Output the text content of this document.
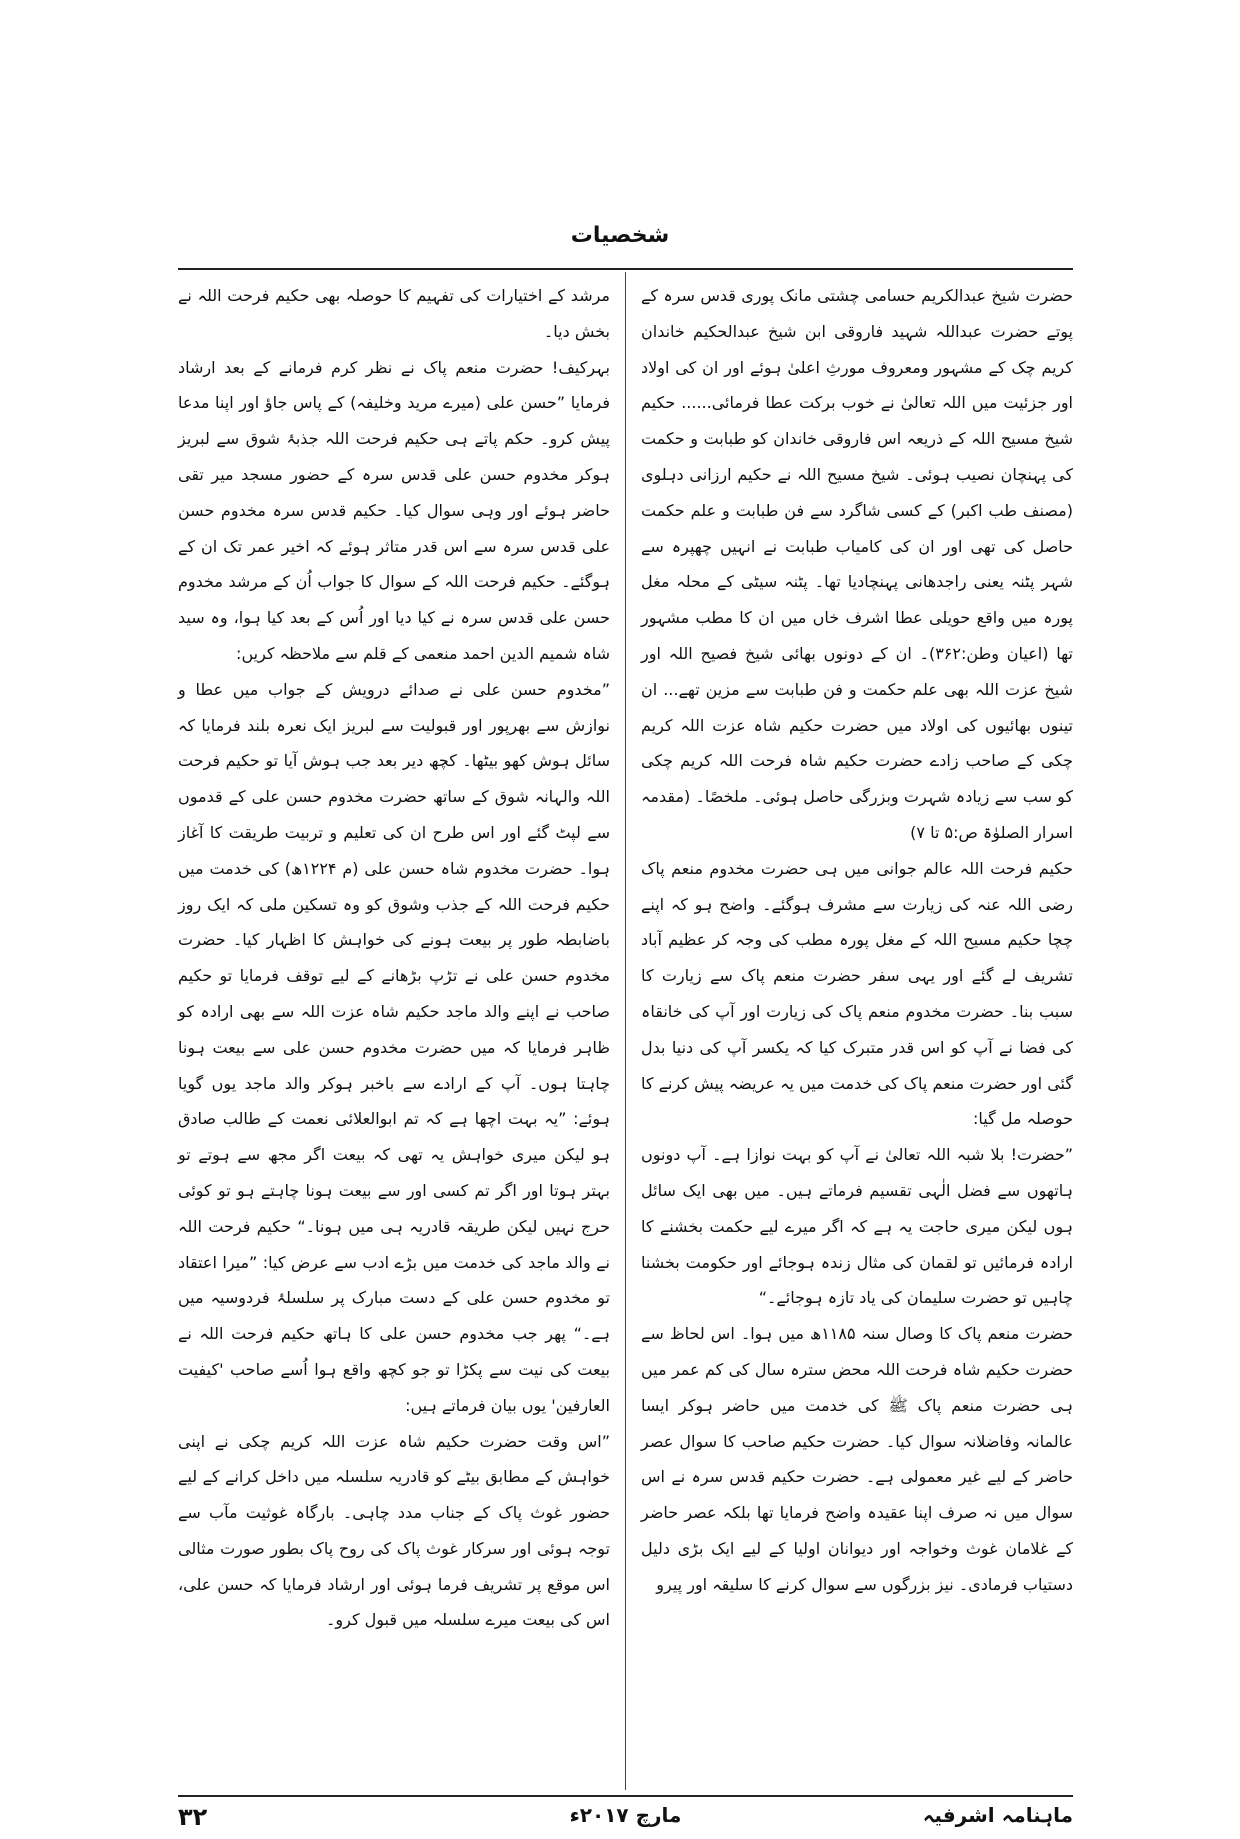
شخصیات

حضرت شیخ عبدالکریم حسامی چشتی مانک پوری قدس سرہ کے پوتے حضرت عبداللہ شہید فاروقی ابن شیخ عبدالحکیم خاندان کریم چک کے مشہور ومعروف مورثِ اعلیٰ ہوئے اور ان کی اولاد اور جزئیت میں اللہ تعالیٰ نے خوب برکت عطا فرمائی...... حکیم شیخ مسیح اللہ کے ذریعہ اس فاروقی خاندان کو طبابت و حکمت کی پہنچان نصیب ہوئی۔ شیخ مسیح اللہ نے حکیم ارزانی دہلوی (مصنف طب اکبر) کے کسی شاگرد سے فن طبابت و علم حکمت حاصل کی تھی اور ان کی کامیاب طبابت نے انہیں چھپرہ سے شہر پٹنہ یعنی راجدھانی پہنچادیا تھا۔ پٹنہ سیٹی کے محلہ مغل پورہ میں واقع حویلی عطا اشرف خاں میں ان کا مطب مشہور تھا (اعیان وطن:۳۶۲)۔ ان کے دونوں بھائی شیخ فصیح اللہ اور شیخ عزت اللہ بھی علم حکمت و فن طبابت سے مزین تھے... ان تینوں بھائیوں کی اولاد میں حضرت حکیم شاہ عزت اللہ کریم چکی کے صاحب زادے حضرت حکیم شاہ فرحت اللہ کریم چکی کو سب سے زیادہ شہرت وبزرگی حاصل ہوئی۔ ملخصًا۔ (مقدمہ اسرار الصلوٰۃ ص:۵ تا ۷)

حکیم فرحت اللہ عالم جوانی میں ہی حضرت مخدوم منعم پاک رضی اللہ عنہ کی زیارت سے مشرف ہوگئے۔ واضح ہو کہ اپنے چچا حکیم مسیح اللہ کے مغل پورہ مطب کی وجہ کر عظیم آباد تشریف لے گئے اور یہی سفر حضرت منعم پاک سے زیارت کا سبب بنا۔ حضرت مخدوم منعم پاک کی زیارت اور آپ کی خانقاہ کی فضا نے آپ کو اس قدر متبرک کیا کہ یکسر آپ کی دنیا بدل گئی اور حضرت منعم پاک کی خدمت میں یہ عریضہ پیش کرنے کا حوصلہ مل گیا:

”حضرت! بلا شبہ اللہ تعالیٰ نے آپ کو بہت نوازا ہے۔ آپ دونوں ہاتھوں سے فضل الٰہی تقسیم فرماتے ہیں۔ میں بھی ایک سائل ہوں لیکن میری حاجت یہ ہے کہ اگر میرے لیے حکمت بخشنے کا ارادہ فرمائیں تو لقمان کی مثال زندہ ہوجائے اور حکومت بخشنا چاہیں تو حضرت سلیمان کی یاد تازہ ہوجائے۔“

حضرت منعم پاک کا وصال سنہ ۱۱۸۵ھ میں ہوا۔ اس لحاظ سے حضرت حکیم شاہ فرحت اللہ محض سترہ سال کی کم عمر میں ہی حضرت منعم پاک ﷺ کی خدمت میں حاضر ہوکر ایسا عالمانہ وفاضلانہ سوال کیا۔ حضرت حکیم صاحب کا سوال عصر حاضر کے لیے غیر معمولی ہے۔ حضرت حکیم قدس سرہ نے اس سوال میں نہ صرف اپنا عقیدہ واضح فرمایا تھا بلکہ عصر حاضر کے غلامان غوث وخواجہ اور دیوانان اولیا کے لیے ایک بڑی دلیل دستیاب فرمادی۔ نیز بزرگوں سے سوال کرنے کا سلیقہ اور پیرو

مرشد کے اختیارات کی تفہیم کا حوصلہ بھی حکیم فرحت اللہ نے بخش دیا۔

بہرکیف! حضرت منعم پاک نے نظر کرم فرمانے کے بعد ارشاد فرمایا ”حسن علی (میرے مرید وخلیفہ) کے پاس جاؤ اور اپنا مدعا پیش کرو۔ حکم پاتے ہی حکیم فرحت اللہ جذبۂ شوق سے لبریز ہوکر مخدوم حسن علی قدس سرہ کے حضور مسجد میر تقی حاضر ہوئے اور وہی سوال کیا۔ حکیم قدس سرہ مخدوم حسن علی قدس سرہ سے اس قدر متاثر ہوئے کہ اخیر عمر تک ان کے ہوگئے۔ حکیم فرحت اللہ کے سوال کا جواب اُن کے مرشد مخدوم حسن علی قدس سرہ نے کیا دیا اور اُس کے بعد کیا ہوا، وہ سید شاہ شمیم الدین احمد منعمی کے قلم سے ملاحظہ کریں:

”مخدوم حسن علی نے صدائے درویش کے جواب میں عطا و نوازش سے بھرپور اور قبولیت سے لبریز ایک نعرہ بلند فرمایا کہ سائل ہوش کھو بیٹھا۔ کچھ دیر بعد جب ہوش آیا تو حکیم فرحت اللہ والہانہ شوق کے ساتھ حضرت مخدوم حسن علی کے قدموں سے لپٹ گئے اور اس طرح ان کی تعلیم و تربیت طریقت کا آغاز ہوا۔ حضرت مخدوم شاہ حسن علی (م ۱۲۲۴ھ) کی خدمت میں حکیم فرحت اللہ کے جذب وشوق کو وہ تسکین ملی کہ ایک روز باضابطہ طور پر بیعت ہونے کی خواہش کا اظہار کیا۔ حضرت مخدوم حسن علی نے تڑپ بڑھانے کے لیے توقف فرمایا تو حکیم صاحب نے اپنے والد ماجد حکیم شاہ عزت اللہ سے بھی ارادہ کو ظاہر فرمایا کہ میں حضرت مخدوم حسن علی سے بیعت ہونا چاہتا ہوں۔ آپ کے ارادے سے باخبر ہوکر والد ماجد یوں گویا ہوئے: ”یہ بہت اچھا ہے کہ تم ابوالعلائی نعمت کے طالب صادق ہو لیکن میری خواہش یہ تھی کہ بیعت اگر مجھ سے ہوتے تو بہتر ہوتا اور اگر تم کسی اور سے بیعت ہونا چاہتے ہو تو کوئی حرج نہیں لیکن طریقہ قادریہ ہی میں ہونا۔“ حکیم فرحت اللہ نے والد ماجد کی خدمت میں بڑے ادب سے عرض کیا: ”میرا اعتقاد تو مخدوم حسن علی کے دست مبارک پر سلسلۂ فردوسیہ میں ہے۔“ پھر جب مخدوم حسن علی کا ہاتھ حکیم فرحت اللہ نے بیعت کی نیت سے پکڑا تو جو کچھ واقع ہوا اُسے صاحب 'کیفیت العارفین' یوں بیان فرماتے ہیں:

”اس وقت حضرت حکیم شاہ عزت اللہ کریم چکی نے اپنی خواہش کے مطابق بیٹے کو قادریہ سلسلہ میں داخل کرانے کے لیے حضور غوث پاک کے جناب مدد چاہی۔ بارگاہ غوثیت مآب سے توجہ ہوئی اور سرکار غوث پاک کی روح پاک بطور صورت مثالی اس موقع پر تشریف فرما ہوئی اور ارشاد فرمایا کہ حسن علی، اس کی بیعت میرے سلسلہ میں قبول کرو۔

ماہنامہ اشرفیہ
مارچ ۲۰۱۷ء
۳۲
